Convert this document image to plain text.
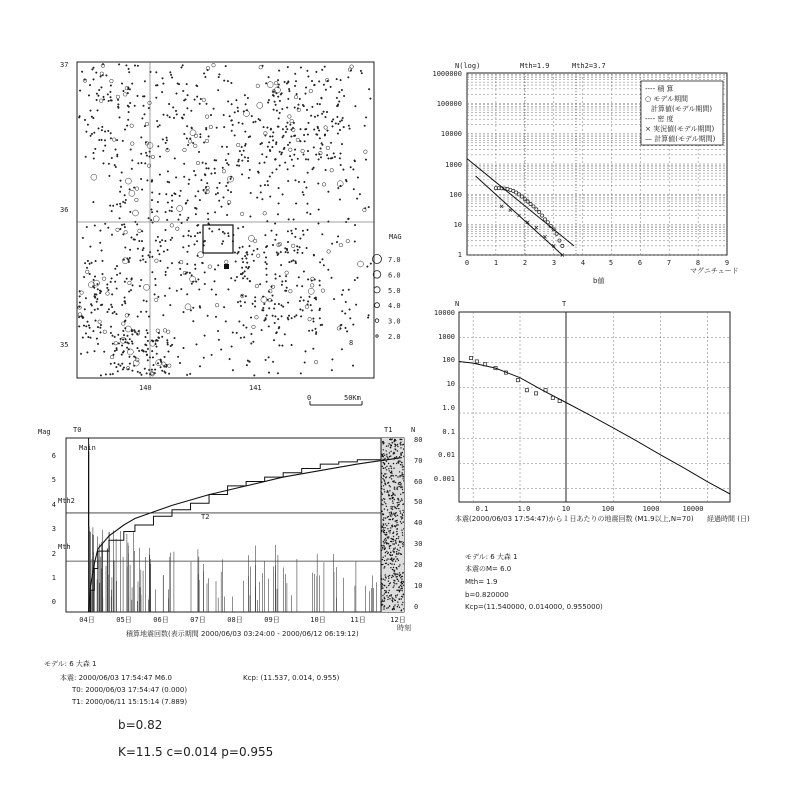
37
36
35
140	141
8
MAG
7.0
6.0
5.0
4.0
3.0
2.0
0	50Km
N(log)	Mth=1.9	Mth2=3.7
1000000
100000
10000
1000
100
10
1
0	1	2	3	4	5	6	7	8	9
マグニチュード
b値
---- 積 算
○ モデル期間
計算値(モデル期間)
---- 密 度
× 実況値(モデル期間)
— 計算値(モデル期間)
N	T
10000
1000
100
10
1.0
0.1
0.01
0.001
0.1	1.0	10	100	1000	10000
経過時間 (日)
本震(2000/06/03 17:54:47)から１日あたりの地震回数 (M1.9以上,N=70)
モデル: 6 大森 1
本震のM= 6.0
Mth= 1.9
b=0.820000
Kcp=(11.540000, 0.014000, 0.955000)
Mag	T0	T1	N
Main
Mth2
Mth
T2
6
5
4
3
2
1
0
80
70
60
50
40
30
20
10
0
04日	05日	06日	07日	08日	09日	10日	11日	12日
時刻
積算地震回数(表示期間 2000/06/03 03:24:00 - 2000/06/12 06:19:12)
モデル: 6 大森 1
本震: 2000/06/03 17:54:47 M6.0
T0: 2000/06/03 17:54:47 (0.000)
T1: 2000/06/11 15:15:14 (7.889)
Kcp: (11.537, 0.014, 0.955)
b=0.82
K=11.5 c=0.014 p=0.955
